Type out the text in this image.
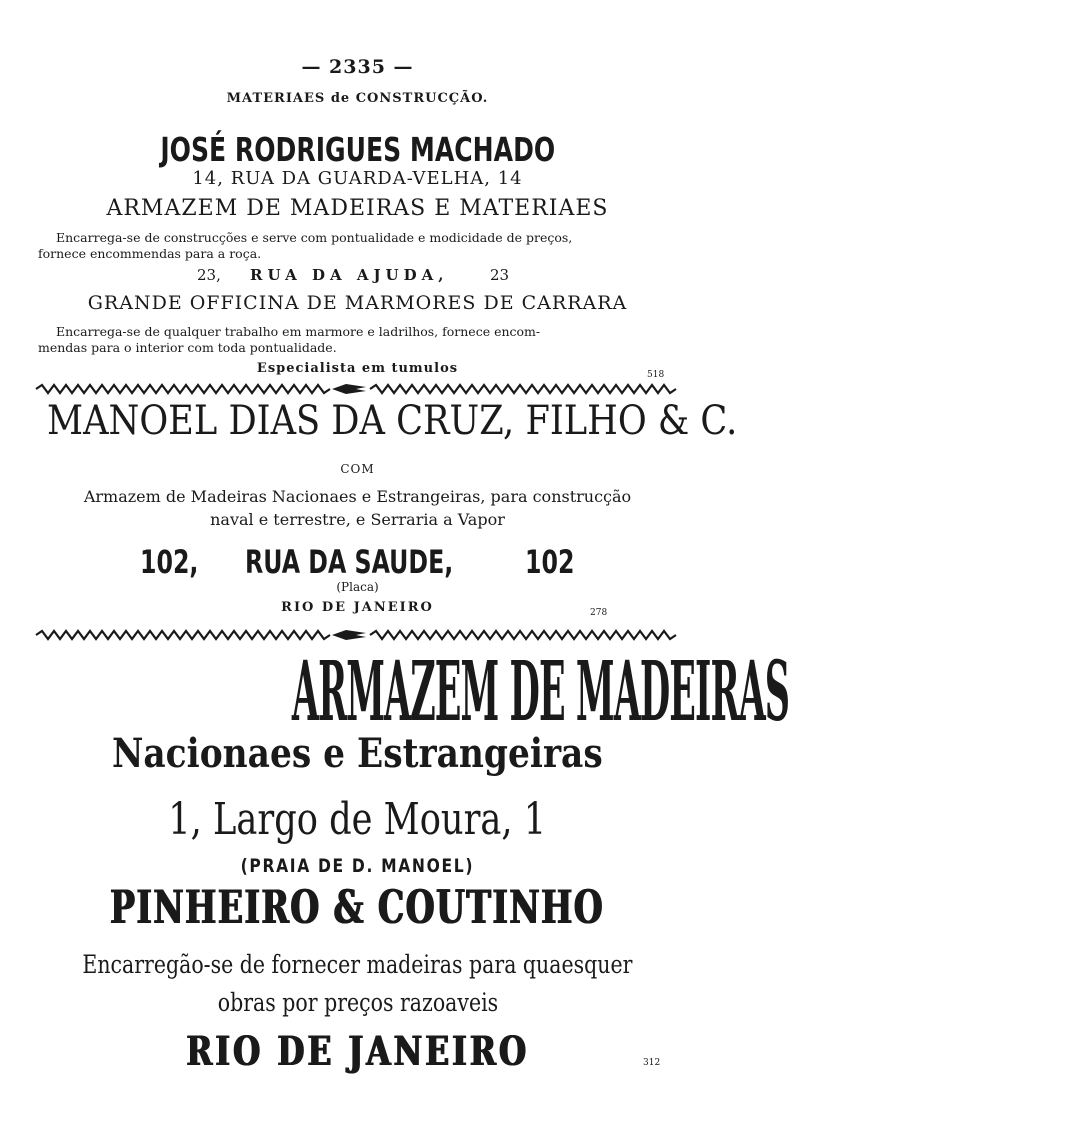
— 2335 —
MATERIAES de CONSTRUCÇÃO.
JOSÉ RODRIGUES MACHADO
14, RUA DA GUARDA-VELHA, 14
ARMAZEM DE MADEIRAS E MATERIAES
Encarrega-se de construcções e serve com pontualidade e modicidade de preços,
fornece encommendas para a roça.
23, RUA DA AJUDA,	23
GRANDE OFFICINA DE MARMORES DE CARRARA
Encarrega-se de qualquer trabalho em marmore e ladrilhos, fornece encom-
mendas para o interior com toda pontualidade.
Especialista em tumulos	518
MANOEL DIAS DA CRUZ, FILHO & C.
COM
Armazem de Madeiras Nacionaes e Estrangeiras, para construcção
naval e terrestre, e Serraria a Vapor
102,	RUA DA SAUDE,	102
(Placa)
RIO DE JANEIRO	278
ARMAZEM DE MADEIRAS
Nacionaes e Estrangeiras
1, Largo de Moura, 1
(PRAIA DE D. MANOEL)
PINHEIRO & COUTINHO
Encarregão-se de fornecer madeiras para quaesquer
obras por preços razoaveis
RIO DE JANEIRO	312
